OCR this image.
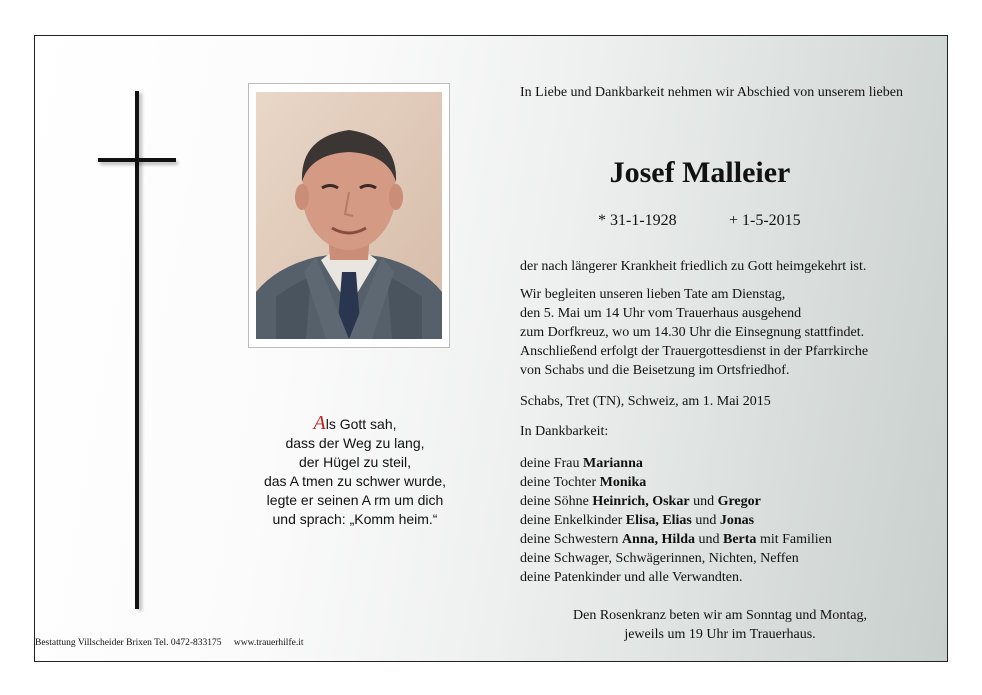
Als Gott sah,
dass der Weg zu lang,
der Hügel zu steil,
das A tmen zu schwer wurde,
legte er seinen A rm um dich
und sprach: „Komm heim.“
Bestattung Villscheider Brixen Tel. 0472-833175 www.trauerhilfe.it
In Liebe und Dankbarkeit nehmen wir Abschied von unserem lieben
Josef Malleier
* 31-1-1928	+ 1-5-2015
der nach längerer Krankheit friedlich zu Gott heimgekehrt ist.
Wir begleiten unseren lieben Tate am Dienstag,
den 5. Mai um 14 Uhr vom Trauerhaus ausgehend
zum Dorfkreuz, wo um 14.30 Uhr die Einsegnung stattfindet.
Anschließend erfolgt der Trauergottesdienst in der Pfarrkirche
von Schabs und die Beisetzung im Ortsfriedhof.
Schabs, Tret (TN), Schweiz, am 1. Mai 2015
In Dankbarkeit:
deine Frau Marianna
deine Tochter Monika
deine Söhne Heinrich, Oskar und Gregor
deine Enkelkinder Elisa, Elias und Jonas
deine Schwestern Anna, Hilda und Berta mit Familien
deine Schwager, Schwägerinnen, Nichten, Neffen
deine Patenkinder und alle Verwandten.
Den Rosenkranz beten wir am Sonntag und Montag,
jeweils um 19 Uhr im Trauerhaus.
